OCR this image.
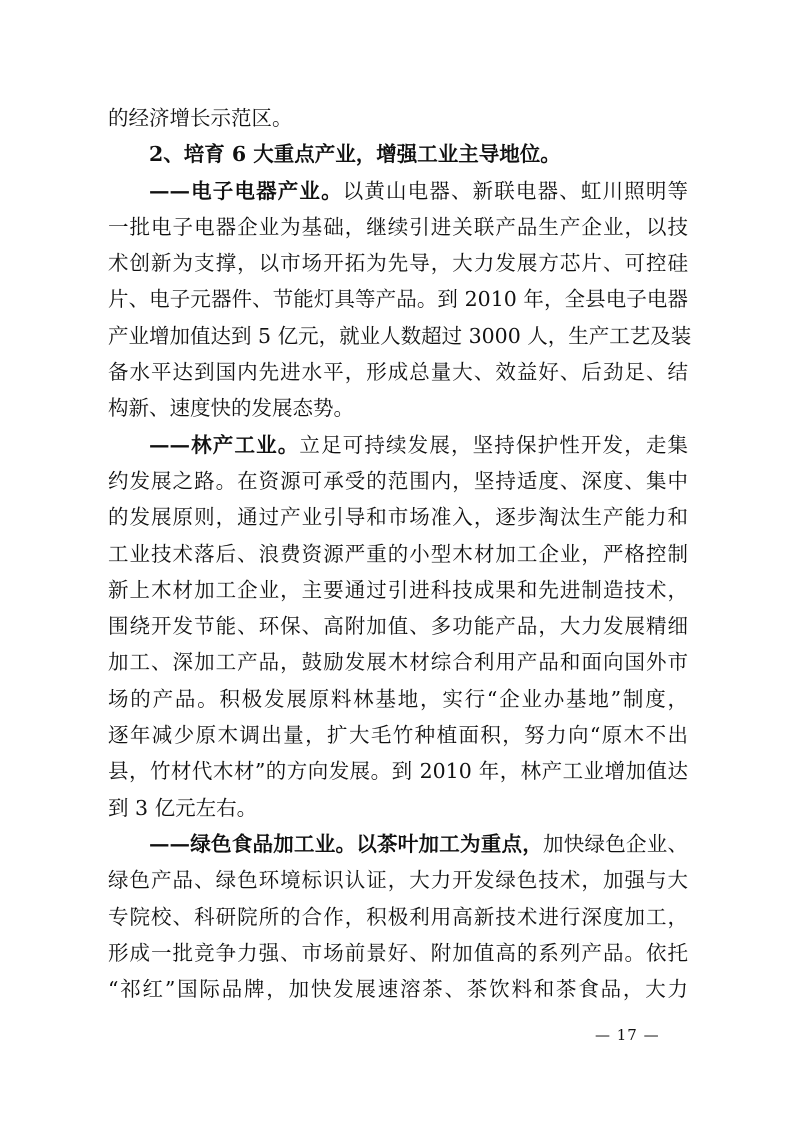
的经济增长示范区。
2、培育 6 大重点产业，增强工业主导地位。
——电子电器产业。以黄山电器、新联电器、虹川照明等
一批电子电器企业为基础，继续引进关联产品生产企业，以技
术创新为支撑，以市场开拓为先导，大力发展方芯片、可控硅
片、电子元器件、节能灯具等产品。到 2010 年，全县电子电器
产业增加值达到 5 亿元，就业人数超过 3000 人，生产工艺及装
备水平达到国内先进水平，形成总量大、效益好、后劲足、结
构新、速度快的发展态势。
——林产工业。立足可持续发展，坚持保护性开发，走集
约发展之路。在资源可承受的范围内，坚持适度、深度、集中
的发展原则，通过产业引导和市场准入，逐步淘汰生产能力和
工业技术落后、浪费资源严重的小型木材加工企业，严格控制
新上木材加工企业，主要通过引进科技成果和先进制造技术，
围绕开发节能、环保、高附加值、多功能产品，大力发展精细
加工、深加工产品，鼓励发展木材综合利用产品和面向国外市
场的产品。积极发展原料林基地，实行“企业办基地”制度，
逐年减少原木调出量，扩大毛竹种植面积，努力向“原木不出
县，竹材代木材”的方向发展。到 2010 年，林产工业增加值达
到 3 亿元左右。
——绿色食品加工业。以茶叶加工为重点，加快绿色企业、
绿色产品、绿色环境标识认证，大力开发绿色技术，加强与大
专院校、科研院所的合作，积极利用高新技术进行深度加工，
形成一批竞争力强、市场前景好、附加值高的系列产品。依托
“祁红”国际品牌，加快发展速溶茶、茶饮料和茶食品，大力
— 17 —
